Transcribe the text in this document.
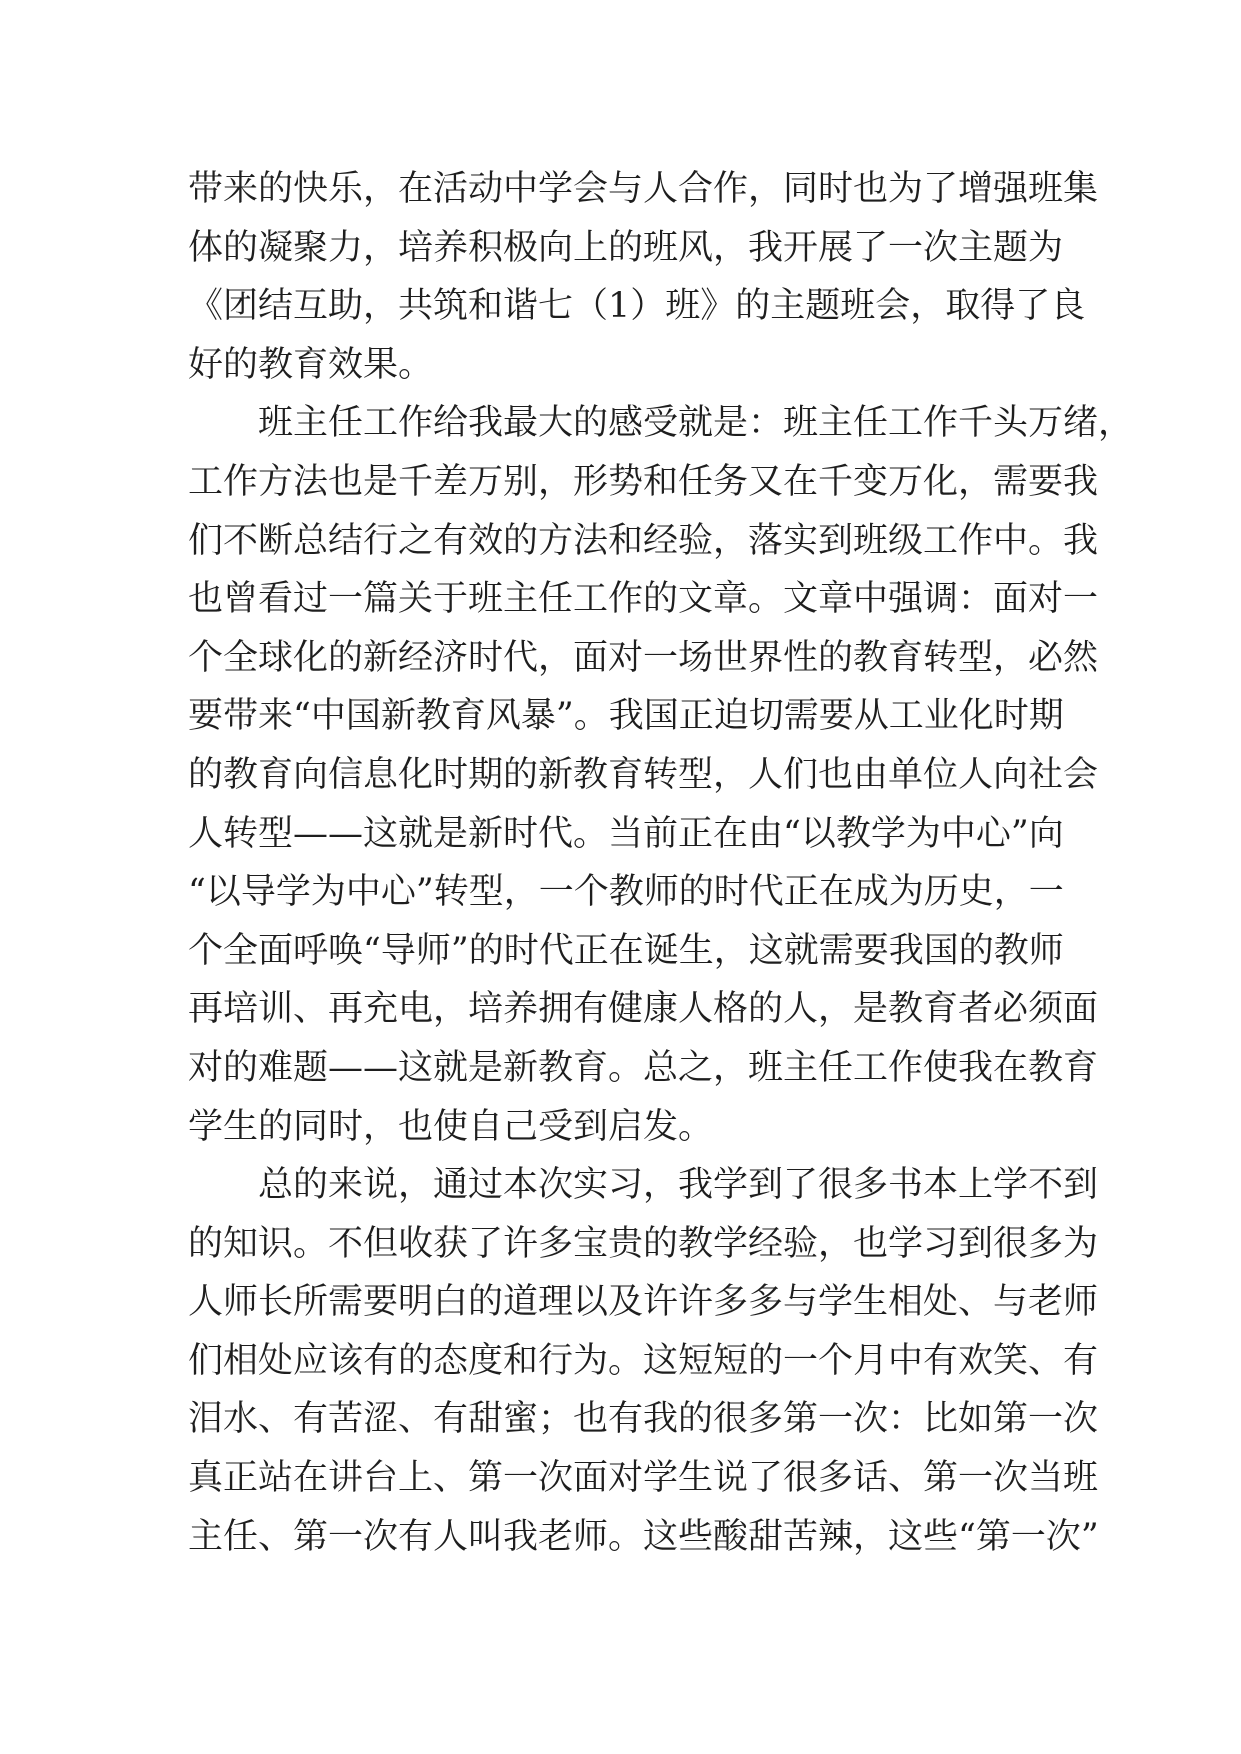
带来的快乐，在活动中学会与人合作，同时也为了增强班集
体的凝聚力，培养积极向上的班风，我开展了一次主题为
《团结互助，共筑和谐七（1）班》的主题班会，取得了良
好的教育效果。
班主任工作给我最大的感受就是：班主任工作千头万绪，
工作方法也是千差万别，形势和任务又在千变万化，需要我
们不断总结行之有效的方法和经验，落实到班级工作中。我
也曾看过一篇关于班主任工作的文章。文章中强调：面对一
个全球化的新经济时代，面对一场世界性的教育转型，必然
要带来“中国新教育风暴”。我国正迫切需要从工业化时期
的教育向信息化时期的新教育转型，人们也由单位人向社会
人转型——这就是新时代。当前正在由“以教学为中心”向
“以导学为中心”转型，一个教师的时代正在成为历史，一
个全面呼唤“导师”的时代正在诞生，这就需要我国的教师
再培训、再充电，培养拥有健康人格的人，是教育者必须面
对的难题——这就是新教育。总之，班主任工作使我在教育
学生的同时，也使自己受到启发。
总的来说，通过本次实习，我学到了很多书本上学不到
的知识。不但收获了许多宝贵的教学经验，也学习到很多为
人师长所需要明白的道理以及许许多多与学生相处、与老师
们相处应该有的态度和行为。这短短的一个月中有欢笑、有
泪水、有苦涩、有甜蜜；也有我的很多第一次：比如第一次
真正站在讲台上、第一次面对学生说了很多话、第一次当班
主任、第一次有人叫我老师。这些酸甜苦辣，这些“第一次”
